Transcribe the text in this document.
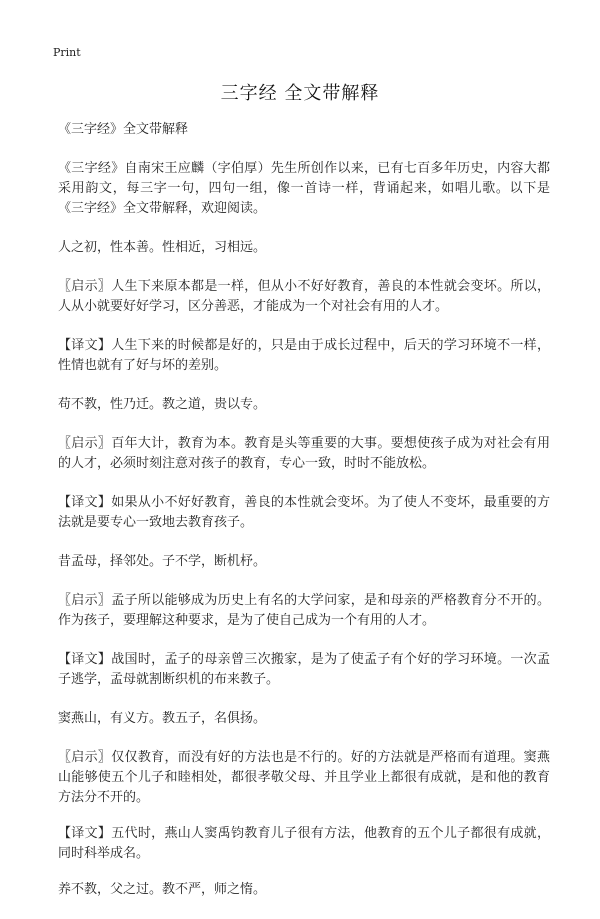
Print
三字经 全文带解释

《三字经》全文带解释

《三字经》自南宋王应麟（字伯厚）先生所创作以来，已有七百多年历史，内容大都采用韵文，每三字一句，四句一组，像一首诗一样，背诵起来，如唱儿歌。以下是《三字经》全文带解释，欢迎阅读。

人之初，性本善。性相近，习相远。

〖启示〗人生下来原本都是一样，但从小不好好教育，善良的本性就会变坏。所以，人从小就要好好学习，区分善恶，才能成为一个对社会有用的人才。

【译文】人生下来的时候都是好的，只是由于成长过程中，后天的学习环境不一样，性情也就有了好与坏的差别。

苟不教，性乃迁。教之道，贵以专。

〖启示〗百年大计，教育为本。教育是头等重要的大事。要想使孩子成为对社会有用的人才，必须时刻注意对孩子的教育，专心一致，时时不能放松。

【译文】如果从小不好好教育，善良的本性就会变坏。为了使人不变坏，最重要的方法就是要专心一致地去教育孩子。

昔孟母，择邻处。子不学，断机杼。

〖启示〗孟子所以能够成为历史上有名的大学问家，是和母亲的严格教育分不开的。作为孩子，要理解这种要求，是为了使自己成为一个有用的人才。

【译文】战国时，孟子的母亲曾三次搬家，是为了使孟子有个好的学习环境。一次孟子逃学，孟母就割断织机的布来教子。

窦燕山，有义方。教五子，名俱扬。

〖启示〗仅仅教育，而没有好的方法也是不行的。好的方法就是严格而有道理。窦燕山能够使五个儿子和睦相处，都很孝敬父母、并且学业上都很有成就，是和他的教育方法分不开的。

【译文】五代时，燕山人窦禹钧教育儿子很有方法，他教育的五个儿子都很有成就，同时科举成名。

养不教，父之过。教不严，师之惰。
